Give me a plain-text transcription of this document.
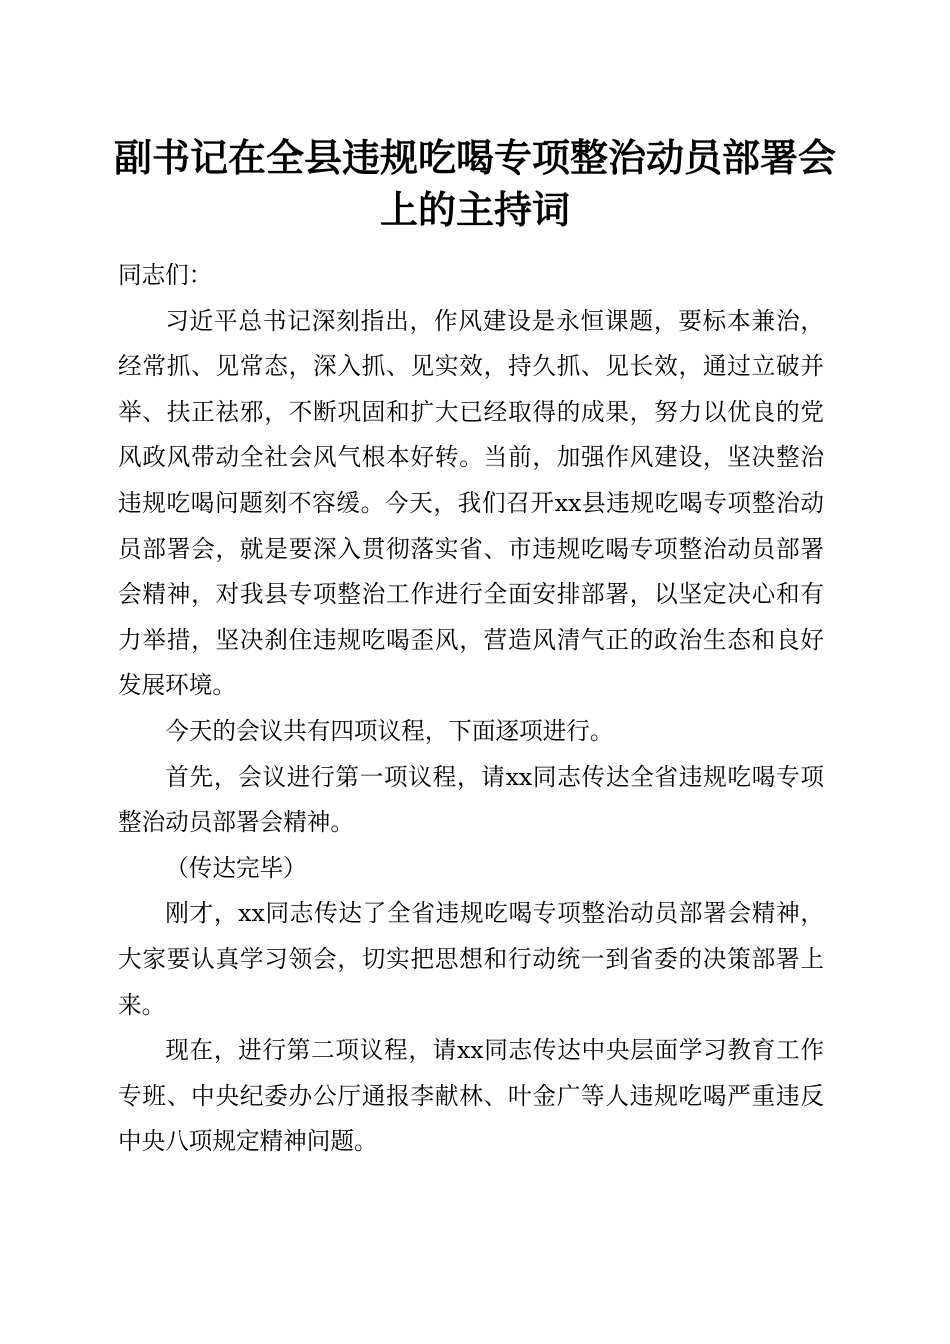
副书记在全县违规吃喝专项整治动员部署会上的主持词

同志们：

习近平总书记深刻指出，作风建设是永恒课题，要标本兼治，经常抓、见常态，深入抓、见实效，持久抓、见长效，通过立破并举、扶正祛邪，不断巩固和扩大已经取得的成果，努力以优良的党风政风带动全社会风气根本好转。当前，加强作风建设，坚决整治违规吃喝问题刻不容缓。今天，我们召开xx县违规吃喝专项整治动员部署会，就是要深入贯彻落实省、市违规吃喝专项整治动员部署会精神，对我县专项整治工作进行全面安排部署，以坚定决心和有力举措，坚决刹住违规吃喝歪风，营造风清气正的政治生态和良好发展环境。

今天的会议共有四项议程，下面逐项进行。

首先，会议进行第一项议程，请xx同志传达全省违规吃喝专项整治动员部署会精神。

（传达完毕）

刚才，xx同志传达了全省违规吃喝专项整治动员部署会精神，大家要认真学习领会，切实把思想和行动统一到省委的决策部署上来。

现在，进行第二项议程，请xx同志传达中央层面学习教育工作专班、中央纪委办公厅通报李献林、叶金广等人违规吃喝严重违反中央八项规定精神问题。
